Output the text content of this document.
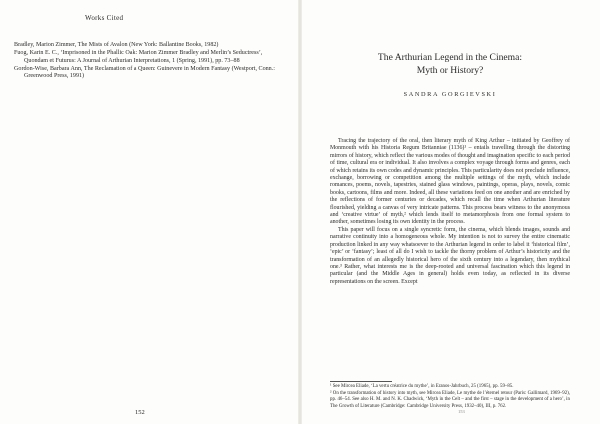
Works Cited

Bradley, Marion Zimmer, The Mists of Avalon (New York: Ballantine Books, 1982)

Fuog, Karin E. C., ‘Imprisoned in the Phallic Oak: Marion Zimmer Bradley and Merlin’s Seductress’, Quondam et Futurus: A Journal of Arthurian Interpretations, 1 (Spring, 1991), pp. 73–88

Gordon-Wise, Barbara Ann, The Reclamation of a Queen: Guinevere in Modern Fantasy (Westport, Conn.: Greenwood Press, 1991)

152
The Arthurian Legend in the Cinema:
Myth or History?
SANDRA GORGIEVSKI

Tracing the trajectory of the oral, then literary myth of King Arthur – initiated by Geoffrey of Monmouth with his Historia Regum Britanniae (1136)¹ – entails travelling through the distorting mirrors of history, which reflect the various modes of thought and imagination specific to each period of time, cultural era or individual. It also involves a complex voyage through forms and genres, each of which retains its own codes and dynamic principles. This particularity does not preclude influence, exchange, borrowing or competition among the multiple settings of the myth, which include romances, poems, novels, tapestries, stained glass windows, paintings, operas, plays, novels, comic books, cartoons, films and more. Indeed, all these variations feed on one another and are enriched by the reflections of former centuries or decades, which recall the time when Arthurian literature flourished, yielding a canvas of very intricate patterns. This process bears witness to the anonymous and ‘creative virtue’ of myth,² which lends itself to metamorphosis from one formal system to another, sometimes losing its own identity in the process.

This paper will focus on a single syncretic form, the cinema, which blends images, sounds and narrative continuity into a homogeneous whole. My intention is not to survey the entire cinematic production linked in any way whatsoever to the Arthurian legend in order to label it ‘historical film’, ‘epic’ or ‘fantasy’; least of all do I wish to tackle the thorny problem of Arthur’s historicity and the transformation of an allegedly historical hero of the sixth century into a legendary, then mythical one.³ Rather, what interests me is the deep-rooted and universal fascination which this legend in particular (and the Middle Ages in general) holds even today, as reflected in its diverse representations on the screen. Except

¹ See Mircea Eliade, ‘La vertu créatrice du mythe’, in Eranos-Jahrbuch, 25 (1965), pp. 59–85.

² On the transformation of history into myth, see Mircea Eliade, Le mythe de l’éternel retour (Paris: Gallimard, 1969–92), pp. 46–54. See also H. M. and N. K. Chadwick, ‘Myth in the Celt – and the first – stage in the development of a hero’, in The Growth of Literature (Cambridge: Cambridge University Press, 1932–40), III, p. 762.

153
